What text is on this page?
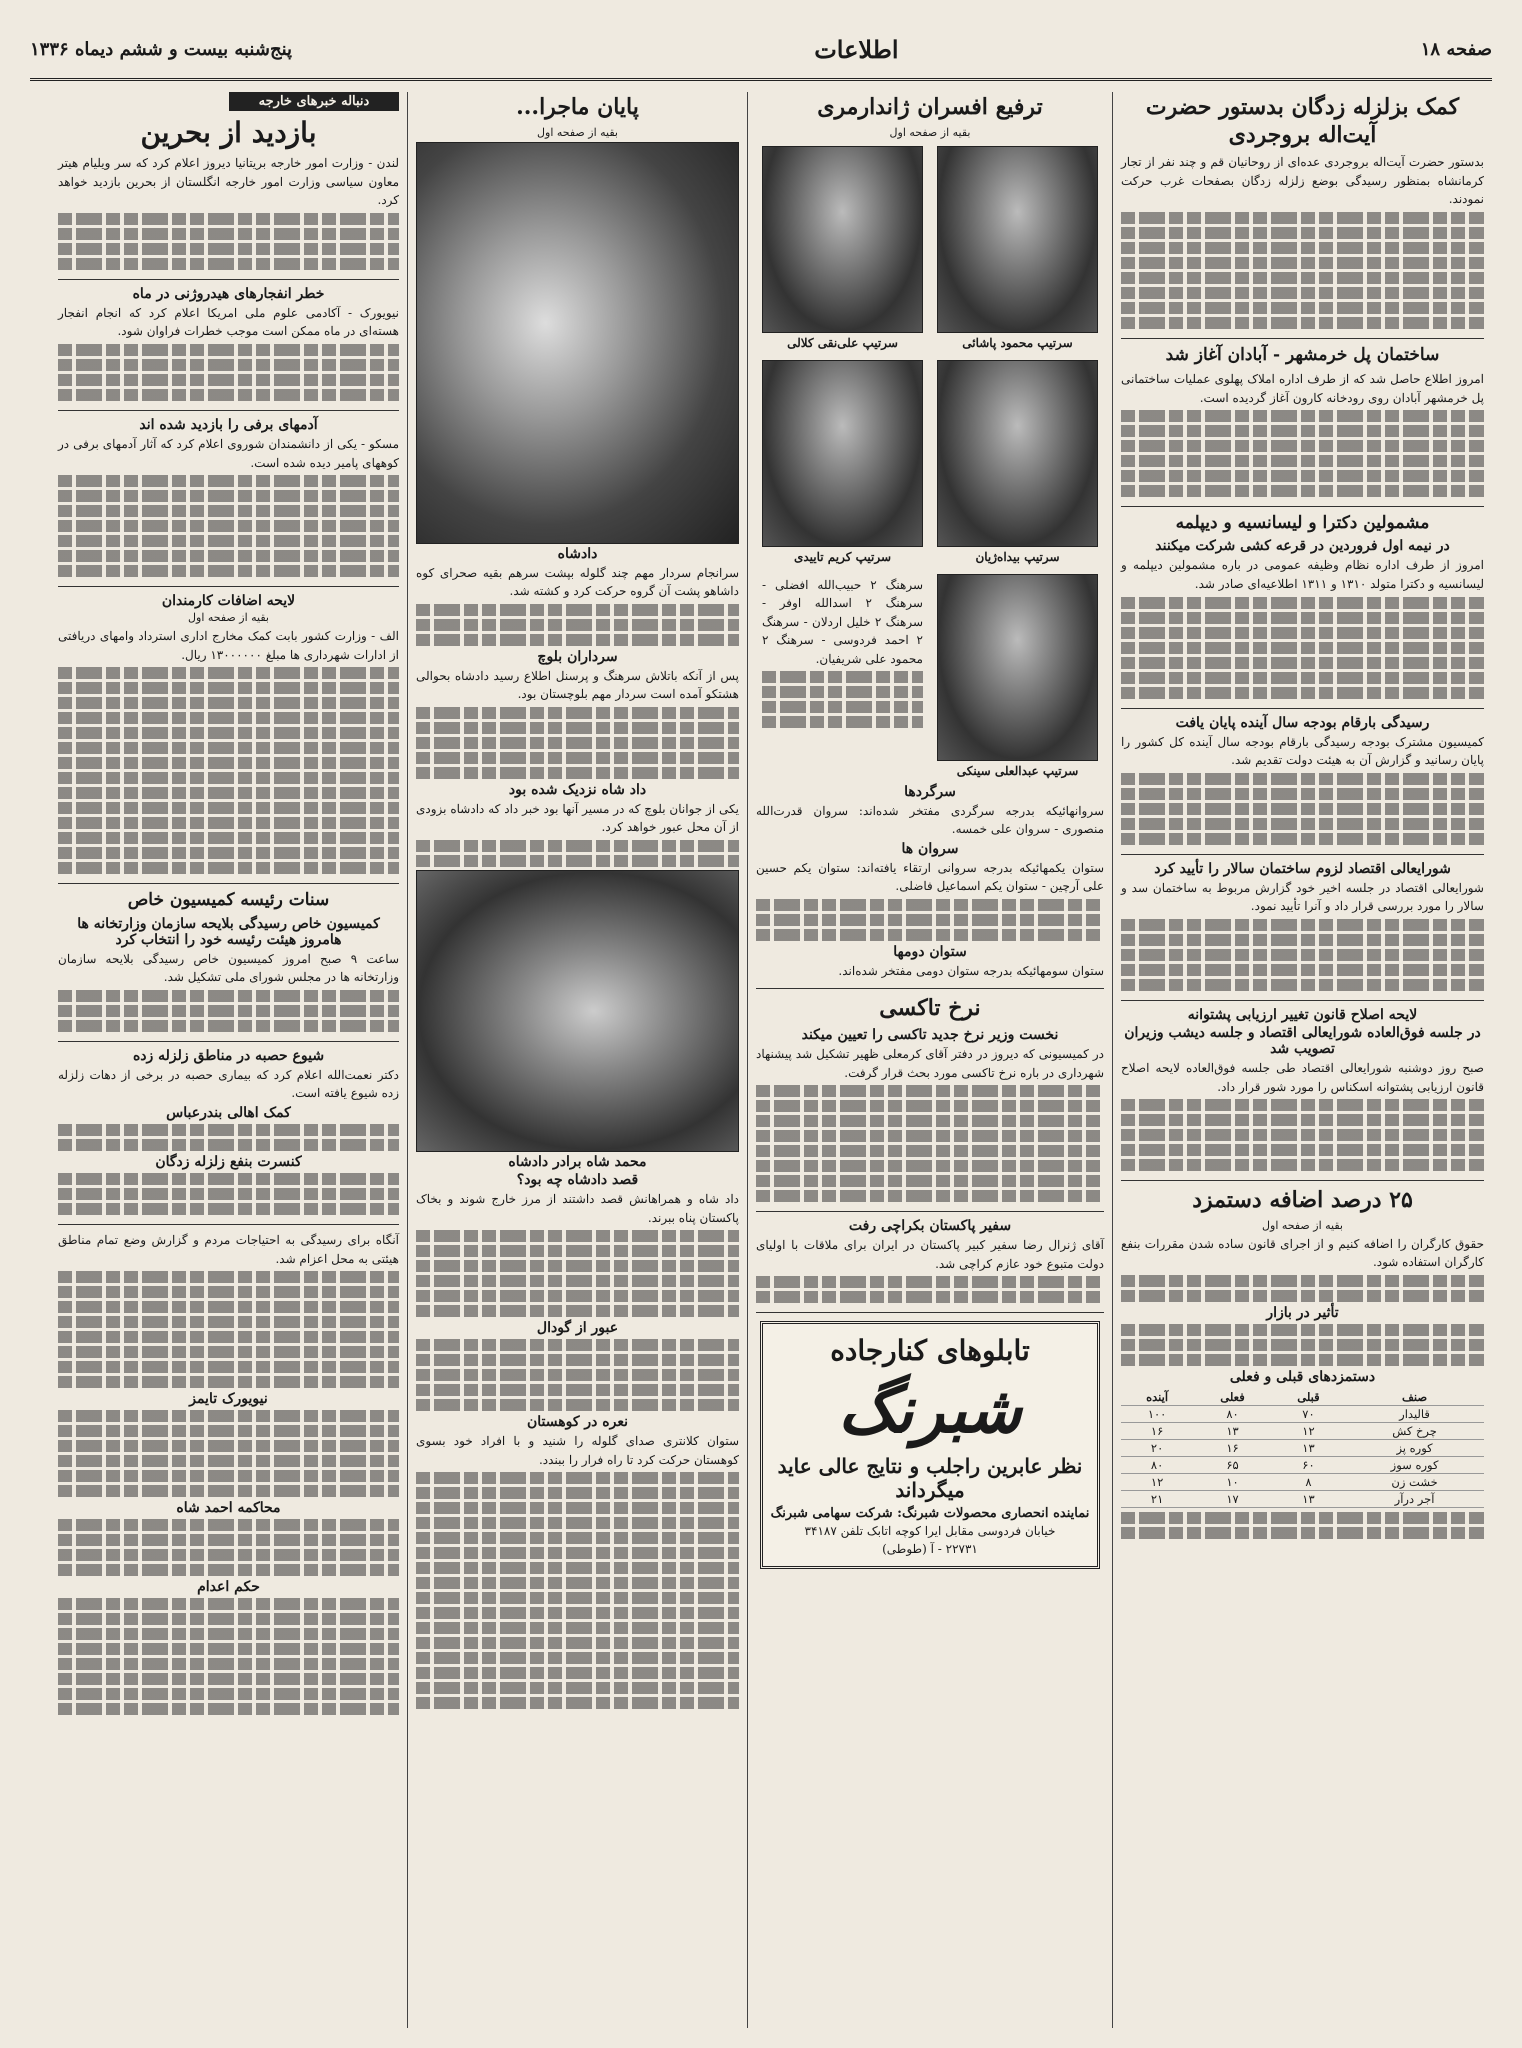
صفحه ۱۸
اطلاعات
پنج‌شنبه بیست و ششم دیماه ۱۳۳۶
کمک بزلزله زدگان بدستور حضرت آیت‌اله بروجردی

بدستور حضرت آیت‌اله بروجردی عده‌ای از روحانیان قم و چند نفر از تجار کرمانشاه بمنظور رسیدگی بوضع زلزله زدگان بصفحات غرب حرکت نمودند.

ساختمان پل خرمشهر - آبادان آغاز شد

امروز اطلاع حاصل شد که از طرف اداره املاک پهلوی عملیات ساختمانی پل خرمشهر آبادان روی رودخانه کارون آغاز گردیده است.

مشمولین دکترا و لیسانسیه و دیپلمه
در نیمه اول فروردین در قرعه کشی شرکت میکنند

امروز از طرف اداره نظام وظیفه عمومی در باره مشمولین دیپلمه و لیسانسیه و دکترا متولد ۱۳۱۰ و ۱۳۱۱ اطلاعیه‌ای صادر شد.

رسیدگی بارقام بودجه سال آینده پایان یافت

کمیسیون مشترک بودجه رسیدگی بارقام بودجه سال آینده کل کشور را پایان رسانید و گزارش آن به هیئت دولت تقدیم شد.

شورایعالی اقتصاد لزوم ساختمان سالار را تأیید کرد

شورایعالی اقتصاد در جلسه اخیر خود گزارش مربوط به ساختمان سد و سالار را مورد بررسی قرار داد و آنرا تأیید نمود.

لایحه اصلاح قانون تغییر ارزیابی پشتوانه
در جلسه فوق‌العاده شورایعالی اقتصاد و جلسه دیشب وزیران تصویب شد

صبح روز دوشنبه شورایعالی اقتصاد طی جلسه فوق‌العاده لایحه اصلاح قانون ارزیابی پشتوانه اسکناس را مورد شور قرار داد.

۲۵ درصد اضافه دستمزد
بقیه از صفحه اول

حقوق کارگران را اضافه کنیم و از اجرای قانون ساده شدن مقررات بنفع کارگران استفاده شود.

تأثیر در بازار
دستمزدهای قبلی و فعلی
صنف	قبلی	فعلی	آینده
قالیدار	۷۰	۸۰	۱۰۰
چرخ کش	۱۲	۱۳	۱۶
کوره پز	۱۳	۱۶	۲۰
کوره سوز	۶۰	۶۵	۸۰
خشت زن	۸	۱۰	۱۲
آجر درآر	۱۳	۱۷	۲۱
ترفیع افسران ژاندارمری
بقیه از صفحه اول
سرتیپ محمود پاشائی
سرتیپ علی‌نقی کلالی
سرتیپ بیداه‌ژیان
سرتیپ کریم تاییدی
سرتیپ عبدالعلی سینکی

سرهنگ ۲ حبیب‌الله افضلی - سرهنگ ۲ اسدالله اوفر - سرهنگ ۲ خلیل اردلان - سرهنگ ۲ احمد فردوسی - سرهنگ ۲ محمود علی شریفیان.

سرگردها

سروانهائیکه بدرجه سرگردی مفتخر شده‌اند: سروان قدرت‌الله منصوری - سروان علی خمسه.

سروان ها

ستوان یکمهائیکه بدرجه سروانی ارتقاء یافته‌اند: ستوان یکم حسین علی آرچین - ستوان یکم اسماعیل فاضلی.

ستوان دومها

ستوان سومهائیکه بدرجه ستوان دومی مفتخر شده‌اند.

نرخ تاکسی
نخست وزیر نرخ جدید تاکسی را تعیین میکند

در کمیسیونی که دیروز در دفتر آقای کرمعلی ظهیر تشکیل شد پیشنهاد شهرداری در باره نرخ تاکسی مورد بحث قرار گرفت.

سفیر پاکستان بکراچی رفت

آقای ژنرال رضا سفیر کبیر پاکستان در ایران برای ملاقات با اولیای دولت متبوع خود عازم کراچی شد.

تابلوهای کنارجاده
شبرنگ
نظر عابرین راجلب و نتایج عالی عاید میگرداند
نماینده انحصاری محصولات شبرنگ: شرکت سهامی شبرنگ
خیابان فردوسی مقابل ایرا کوچه اتابک تلفن ۳۴۱۸۷
۲۲۷۳۱ - آ (طوطی)
پایان ماجرا...
بقیه از صفحه اول
دادشاه

سرانجام سردار مهم چند گلوله بپشت سرهم بقیه صحرای کوه داشاهو پشت آن گروه حرکت کرد و کشته شد.

سرداران بلوچ

پس از آنکه باتلاش سرهنگ و پرسنل اطلاع رسید دادشاه بحوالی هشتکو آمده است سردار مهم بلوچستان بود.

داد شاه نزدیک شده بود

یکی از جوانان بلوچ که در مسیر آنها بود خبر داد که دادشاه بزودی از آن محل عبور خواهد کرد.

محمد شاه برادر دادشاه
قصد دادشاه چه بود؟

داد شاه و همراهانش قصد داشتند از مرز خارج شوند و بخاک پاکستان پناه ببرند.

عبور از گودال
نعره در کوهستان

ستوان کلانتری صدای گلوله را شنید و با افراد خود بسوی کوهستان حرکت کرد تا راه فرار را ببندد.

دنباله خبرهای خارجه
بازدید از بحرین

لندن - وزارت امور خارجه بریتانیا دیروز اعلام کرد که سر ویلیام هیتر معاون سیاسی وزارت امور خارجه انگلستان از بحرین بازدید خواهد کرد.

خطر انفجارهای هیدروژنی در ماه

نیویورک - آکادمی علوم ملی امریکا اعلام کرد که انجام انفجار هسته‌ای در ماه ممکن است موجب خطرات فراوان شود.

آدمهای برفی را بازدید شده اند

مسکو - یکی از دانشمندان شوروی اعلام کرد که آثار آدمهای برفی در کوههای پامیر دیده شده است.

لایحه اضافات کارمندان
بقیه از صفحه اول

الف - وزارت کشور بابت کمک مخارج اداری استرداد وامهای دریافتی از ادارات شهرداری ها مبلغ ۱۳۰۰۰۰۰۰ ریال.

سنات رئیسه کمیسیون خاص
کمیسیون خاص رسیدگی بلایحه سازمان وزارتخانه ها هامروز هیئت رئیسه خود را انتخاب کرد

ساعت ۹ صبح امروز کمیسیون خاص رسیدگی بلایحه سازمان وزارتخانه ها در مجلس شورای ملی تشکیل شد.

شیوع حصبه در مناطق زلزله زده

دکتر نعمت‌الله اعلام کرد که بیماری حصبه در برخی از دهات زلزله زده شیوع یافته است.

کمک اهالی بندرعباس
کنسرت بنفع زلزله زدگان

آنگاه برای رسیدگی به احتیاجات مردم و گزارش وضع تمام مناطق هیئتی به محل اعزام شد.

نیویورک تایمز
محاکمه احمد شاه
حکم اعدام
